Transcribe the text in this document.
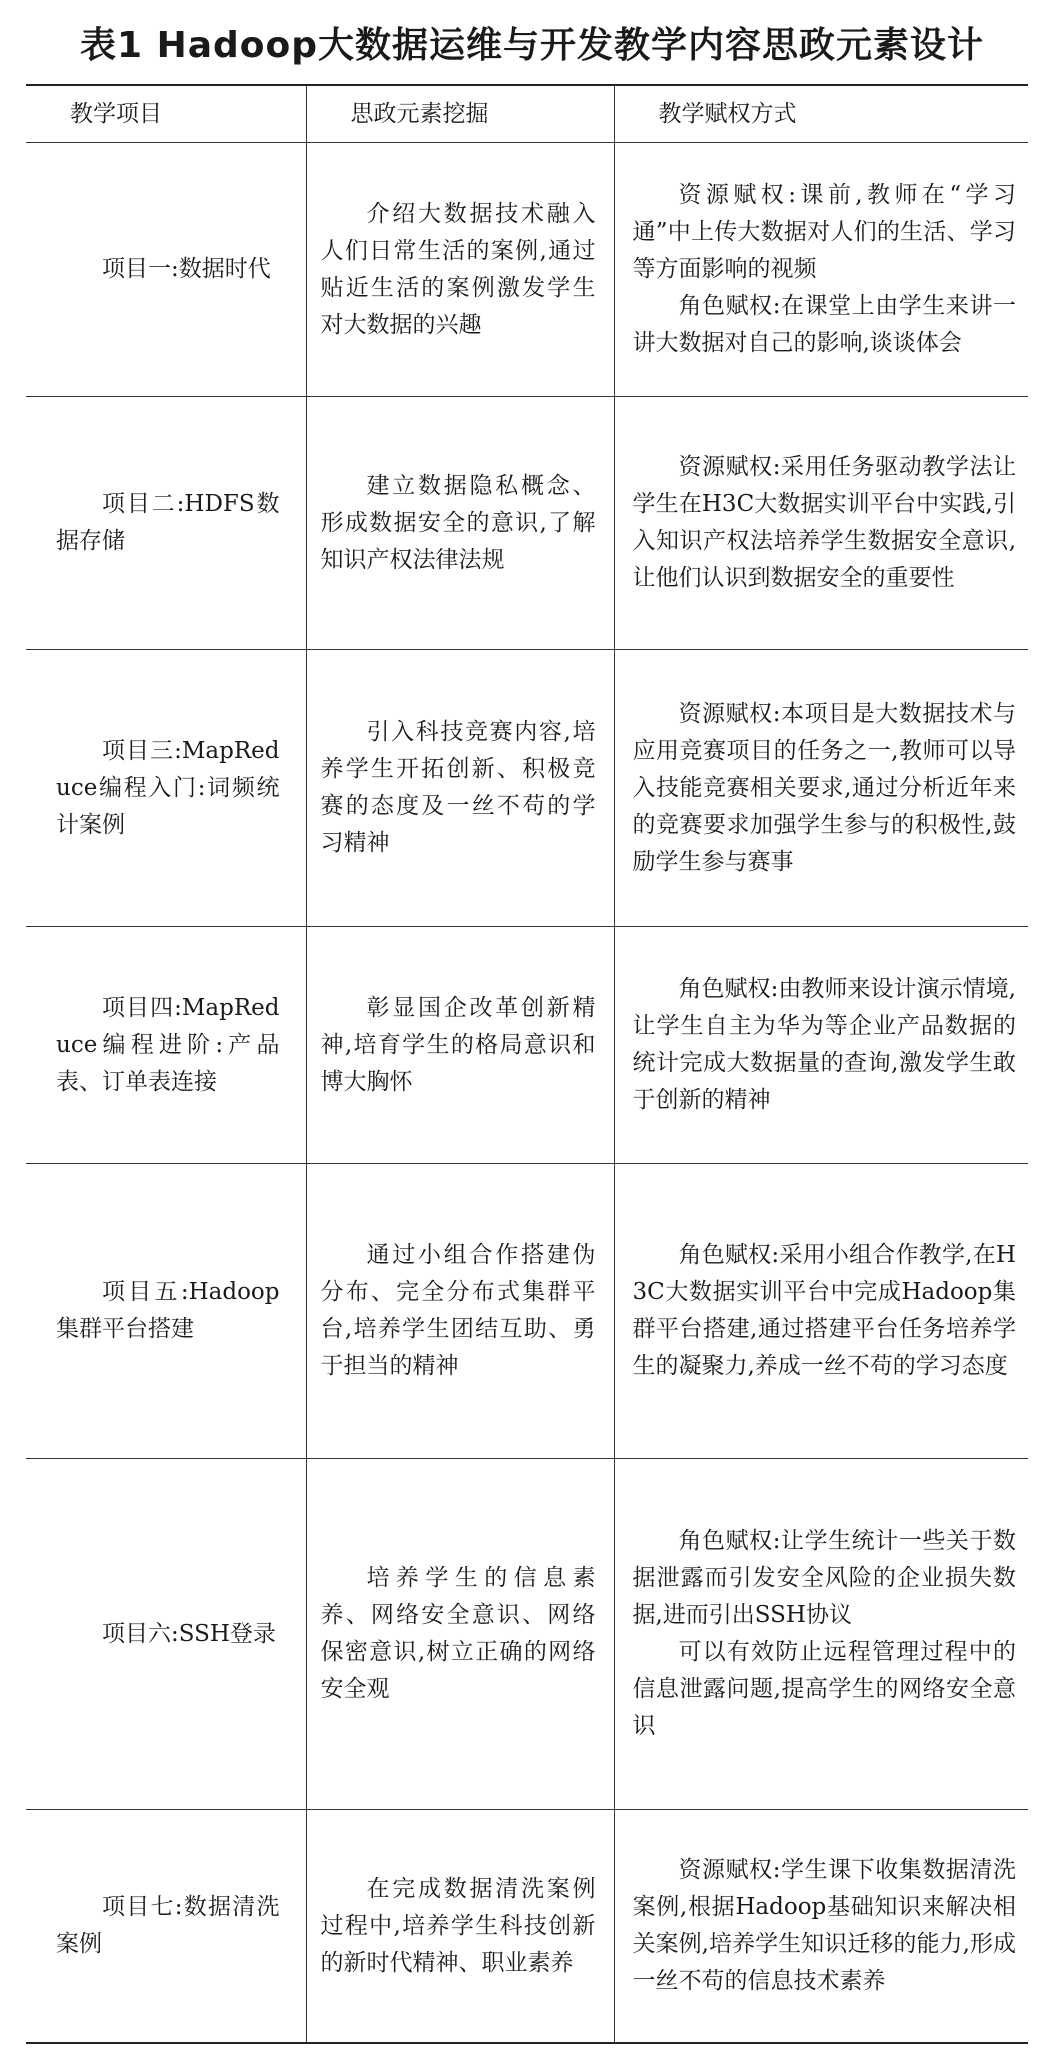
表1 Hadoop大数据运维与开发教学内容思政元素设计
教学项目	思政元素挖掘	教学赋权方式

项目一:数据时代	介绍大数据技术融入人们日常生活的案例,通过贴近生活的案例激发学生对大数据的兴趣	资源赋权:课前,教师在“学习通”中上传大数据对人们的生活、学习等方面影响的视频
角色赋权:在课堂上由学生来讲一讲大数据对自己的影响,谈谈体会

项目二:HDFS数据存储	建立数据隐私概念、形成数据安全的意识,了解知识产权法律法规	资源赋权:采用任务驱动教学法让学生在H3C大数据实训平台中实践,引入知识产权法培养学生数据安全意识,让他们认识到数据安全的重要性

项目三:MapReduce编程入门:词频统计案例	引入科技竞赛内容,培养学生开拓创新、积极竞赛的态度及一丝不苟的学习精神	资源赋权:本项目是大数据技术与应用竞赛项目的任务之一,教师可以导入技能竞赛相关要求,通过分析近年来的竞赛要求加强学生参与的积极性,鼓励学生参与赛事

项目四:MapReduce编程进阶:产品表、订单表连接	彰显国企改革创新精神,培育学生的格局意识和博大胸怀	角色赋权:由教师来设计演示情境,让学生自主为华为等企业产品数据的统计完成大数据量的查询,激发学生敢于创新的精神

项目五:Hadoop集群平台搭建	通过小组合作搭建伪分布、完全分布式集群平台,培养学生团结互助、勇于担当的精神	角色赋权:采用小组合作教学,在H3C大数据实训平台中完成Hadoop集群平台搭建,通过搭建平台任务培养学生的凝聚力,养成一丝不苟的学习态度

项目六:SSH登录	培养学生的信息素养、网络安全意识、网络保密意识,树立正确的网络安全观	角色赋权:让学生统计一些关于数据泄露而引发安全风险的企业损失数据,进而引出SSH协议
可以有效防止远程管理过程中的信息泄露问题,提高学生的网络安全意识

项目七:数据清洗案例	在完成数据清洗案例过程中,培养学生科技创新的新时代精神、职业素养	资源赋权:学生课下收集数据清洗案例,根据Hadoop基础知识来解决相关案例,培养学生知识迁移的能力,形成一丝不苟的信息技术素养
